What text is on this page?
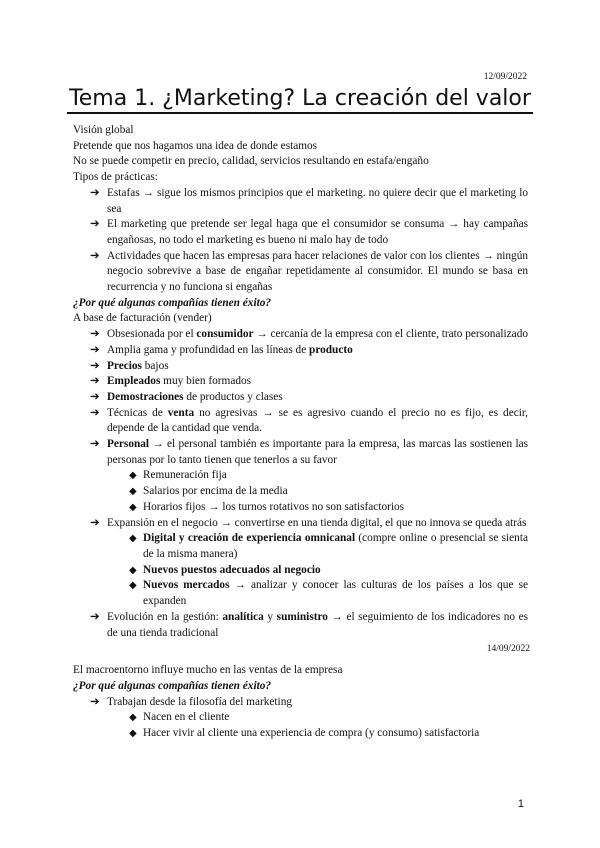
12/09/2022
Tema 1. ¿Marketing? La creación del valor

Visión global

Pretende que nos hagamos una idea de donde estamos

No se puede competir en precio, calidad, servicios resultando en estafa/engaño

Tipos de prácticas:

➔ Estafas → sigue los mismos principios que el marketing. no quiere decir que el marketing lo sea
➔ El marketing que pretende ser legal haga que el consumidor se consuma → hay campañas engañosas, no todo el marketing es bueno ni malo hay de todo
➔ Actividades que hacen las empresas para hacer relaciones de valor con los clientes → ningún negocio sobrevive a base de engañar repetidamente al consumidor. El mundo se basa en recurrencia y no funciona si engañas

¿Por qué algunas compañías tienen éxito?

A base de facturación (vender)

➔ Obsesionada por el consumidor → cercanía de la empresa con el cliente, trato personalizado
➔ Amplia gama y profundidad en las líneas de producto
➔ Precios bajos
➔ Empleados muy bien formados
➔ Demostraciones de productos y clases
➔ Técnicas de venta no agresivas → se es agresivo cuando el precio no es fijo, es decir, depende de la cantidad que venda.
➔ Personal → el personal también es importante para la empresa, las marcas las sostienen las personas por lo tanto tienen que tenerlos a su favor
◆ Remuneración fija
◆ Salarios por encima de la media
◆ Horarios fijos → los turnos rotativos no son satisfactorios
➔ Expansión en el negocio → convertirse en una tienda digital, el que no innova se queda atrás
◆ Digital y creación de experiencia omnicanal (compre online o presencial se sienta de la misma manera)
◆ Nuevos puestos adecuados al negocio
◆ Nuevos mercados → analizar y conocer las culturas de los países a los que se expanden
➔ Evolución en la gestión: analítica y suministro → el seguimiento de los indicadores no es de una tienda tradicional
14/09/2022

El macroentorno influye mucho en las ventas de la empresa

¿Por qué algunas compañías tienen éxito?

➔ Trabajan desde la filosofía del marketing
◆ Nacen en el cliente
◆ Hacer vivir al cliente una experiencia de compra (y consumo) satisfactoria
1
